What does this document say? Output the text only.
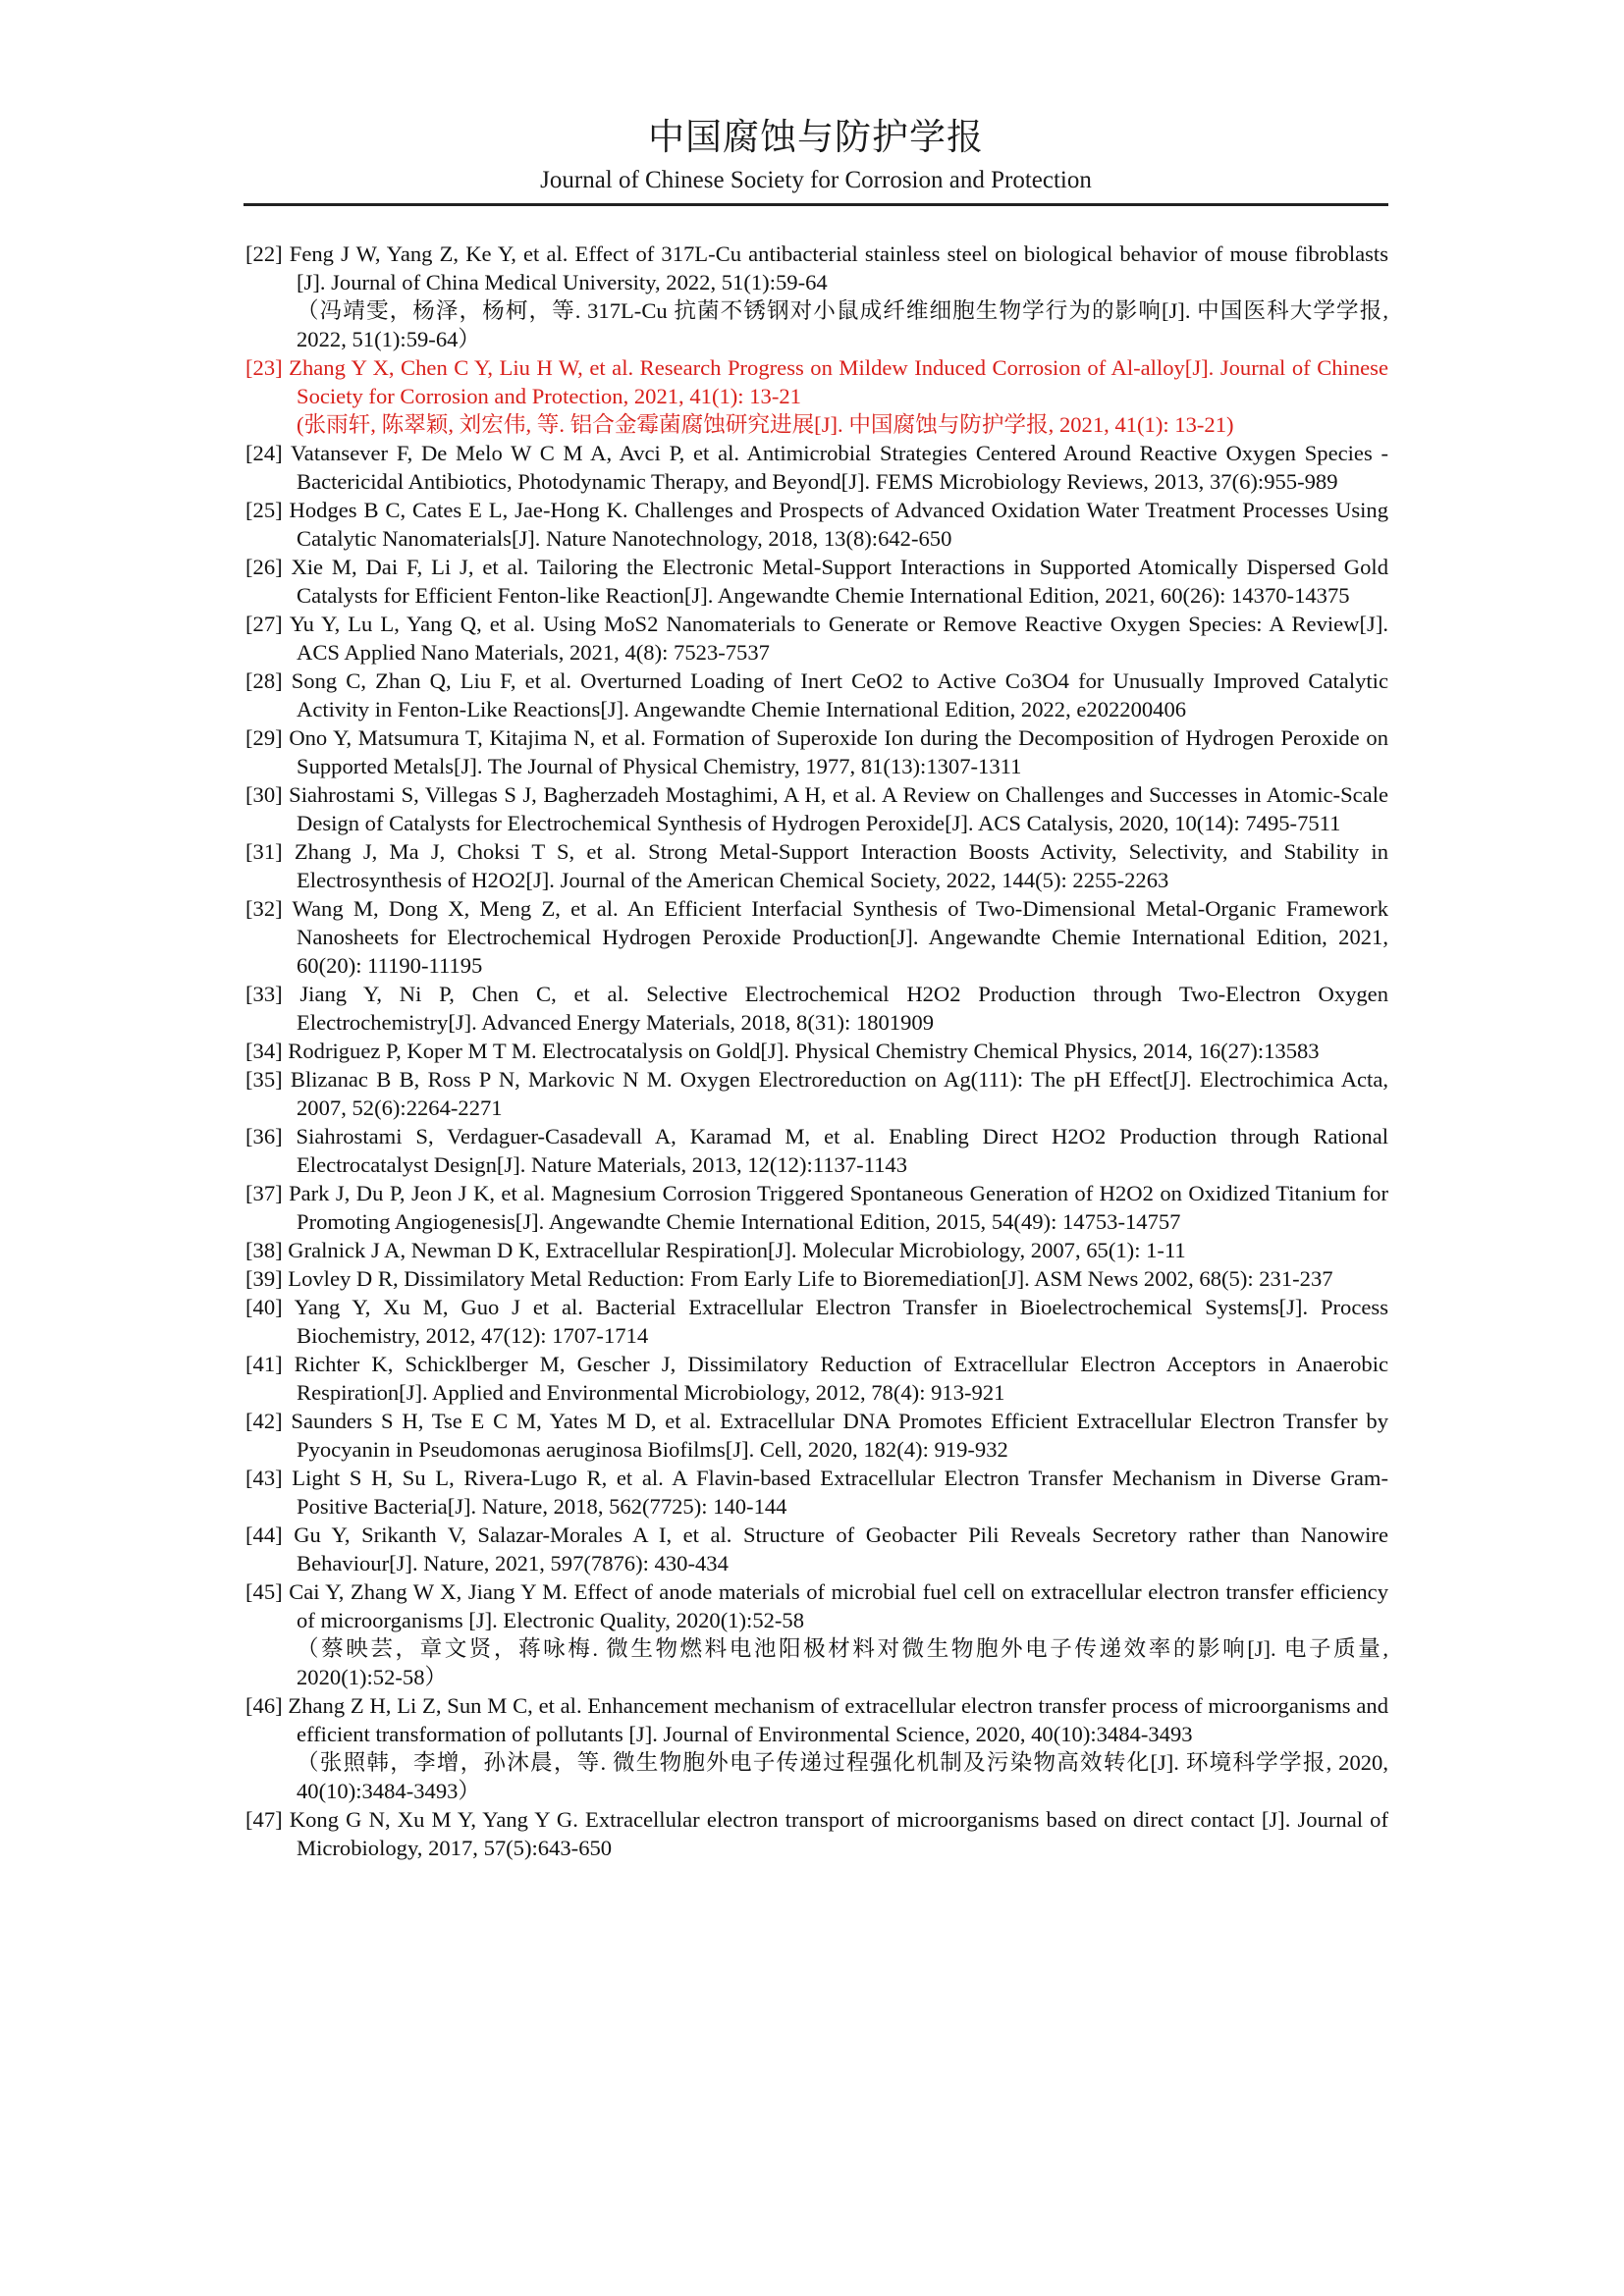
中国腐蚀与防护学报
Journal of Chinese Society for Corrosion and Protection
[22] Feng J W, Yang Z, Ke Y, et al. Effect of 317L-Cu antibacterial stainless steel on biological behavior of mouse fibroblasts [J]. Journal of China Medical University, 2022, 51(1):59-64
（冯靖雯，杨泽，杨柯，等. 317L-Cu 抗菌不锈钢对小鼠成纤维细胞生物学行为的影响[J]. 中国医科大学学报, 2022, 51(1):59-64）
[23] Zhang Y X, Chen C Y, Liu H W, et al. Research Progress on Mildew Induced Corrosion of Al-alloy[J]. Journal of Chinese Society for Corrosion and Protection, 2021, 41(1): 13-21
(张雨轩, 陈翠颖, 刘宏伟, 等. 铝合金霉菌腐蚀研究进展[J]. 中国腐蚀与防护学报, 2021, 41(1): 13-21)
[24] Vatansever F, De Melo W C M A, Avci P, et al. Antimicrobial Strategies Centered Around Reactive Oxygen Species - Bactericidal Antibiotics, Photodynamic Therapy, and Beyond[J]. FEMS Microbiology Reviews, 2013, 37(6):955-989
[25] Hodges B C, Cates E L, Jae-Hong K. Challenges and Prospects of Advanced Oxidation Water Treatment Processes Using Catalytic Nanomaterials[J]. Nature Nanotechnology, 2018, 13(8):642-650
[26] Xie M, Dai F, Li J, et al. Tailoring the Electronic Metal-Support Interactions in Supported Atomically Dispersed Gold Catalysts for Efficient Fenton-like Reaction[J]. Angewandte Chemie International Edition, 2021, 60(26): 14370-14375
[27] Yu Y, Lu L, Yang Q, et al. Using MoS2 Nanomaterials to Generate or Remove Reactive Oxygen Species: A Review[J]. ACS Applied Nano Materials, 2021, 4(8): 7523-7537
[28] Song C, Zhan Q, Liu F, et al. Overturned Loading of Inert CeO2 to Active Co3O4 for Unusually Improved Catalytic Activity in Fenton-Like Reactions[J]. Angewandte Chemie International Edition, 2022, e202200406
[29] Ono Y, Matsumura T, Kitajima N, et al. Formation of Superoxide Ion during the Decomposition of Hydrogen Peroxide on Supported Metals[J]. The Journal of Physical Chemistry, 1977, 81(13):1307-1311
[30] Siahrostami S, Villegas S J, Bagherzadeh Mostaghimi, A H, et al. A Review on Challenges and Successes in Atomic-Scale Design of Catalysts for Electrochemical Synthesis of Hydrogen Peroxide[J]. ACS Catalysis, 2020, 10(14): 7495-7511
[31] Zhang J, Ma J, Choksi T S, et al. Strong Metal-Support Interaction Boosts Activity, Selectivity, and Stability in Electrosynthesis of H2O2[J]. Journal of the American Chemical Society, 2022, 144(5): 2255-2263
[32] Wang M, Dong X, Meng Z, et al. An Efficient Interfacial Synthesis of Two-Dimensional Metal-Organic Framework Nanosheets for Electrochemical Hydrogen Peroxide Production[J]. Angewandte Chemie International Edition, 2021, 60(20): 11190-11195
[33] Jiang Y, Ni P, Chen C, et al. Selective Electrochemical H2O2 Production through Two-Electron Oxygen Electrochemistry[J]. Advanced Energy Materials, 2018, 8(31): 1801909
[34] Rodriguez P, Koper M T M. Electrocatalysis on Gold[J]. Physical Chemistry Chemical Physics, 2014, 16(27):13583
[35] Blizanac B B, Ross P N, Markovic N M. Oxygen Electroreduction on Ag(111): The pH Effect[J]. Electrochimica Acta, 2007, 52(6):2264-2271
[36] Siahrostami S, Verdaguer-Casadevall A, Karamad M, et al. Enabling Direct H2O2 Production through Rational Electrocatalyst Design[J]. Nature Materials, 2013, 12(12):1137-1143
[37] Park J, Du P, Jeon J K, et al. Magnesium Corrosion Triggered Spontaneous Generation of H2O2 on Oxidized Titanium for Promoting Angiogenesis[J]. Angewandte Chemie International Edition, 2015, 54(49): 14753-14757
[38] Gralnick J A, Newman D K, Extracellular Respiration[J]. Molecular Microbiology, 2007, 65(1): 1-11
[39] Lovley D R, Dissimilatory Metal Reduction: From Early Life to Bioremediation[J]. ASM News 2002, 68(5): 231-237
[40] Yang Y, Xu M, Guo J et al. Bacterial Extracellular Electron Transfer in Bioelectrochemical Systems[J]. Process Biochemistry, 2012, 47(12): 1707-1714
[41] Richter K, Schicklberger M, Gescher J, Dissimilatory Reduction of Extracellular Electron Acceptors in Anaerobic Respiration[J]. Applied and Environmental Microbiology, 2012, 78(4): 913-921
[42] Saunders S H, Tse E C M, Yates M D, et al. Extracellular DNA Promotes Efficient Extracellular Electron Transfer by Pyocyanin in Pseudomonas aeruginosa Biofilms[J]. Cell, 2020, 182(4): 919-932
[43] Light S H, Su L, Rivera-Lugo R, et al. A Flavin-based Extracellular Electron Transfer Mechanism in Diverse Gram-Positive Bacteria[J]. Nature, 2018, 562(7725): 140-144
[44] Gu Y, Srikanth V, Salazar-Morales A I, et al. Structure of Geobacter Pili Reveals Secretory rather than Nanowire Behaviour[J]. Nature, 2021, 597(7876): 430-434
[45] Cai Y, Zhang W X, Jiang Y M. Effect of anode materials of microbial fuel cell on extracellular electron transfer efficiency of microorganisms [J]. Electronic Quality, 2020(1):52-58
（蔡映芸，章文贤，蒋咏梅. 微生物燃料电池阳极材料对微生物胞外电子传递效率的影响[J]. 电子质量, 2020(1):52-58）
[46] Zhang Z H, Li Z, Sun M C, et al. Enhancement mechanism of extracellular electron transfer process of microorganisms and efficient transformation of pollutants [J]. Journal of Environmental Science, 2020, 40(10):3484-3493
（张照韩，李增，孙沐晨，等. 微生物胞外电子传递过程强化机制及污染物高效转化[J]. 环境科学学报, 2020, 40(10):3484-3493）
[47] Kong G N, Xu M Y, Yang Y G. Extracellular electron transport of microorganisms based on direct contact [J]. Journal of Microbiology, 2017, 57(5):643-650
